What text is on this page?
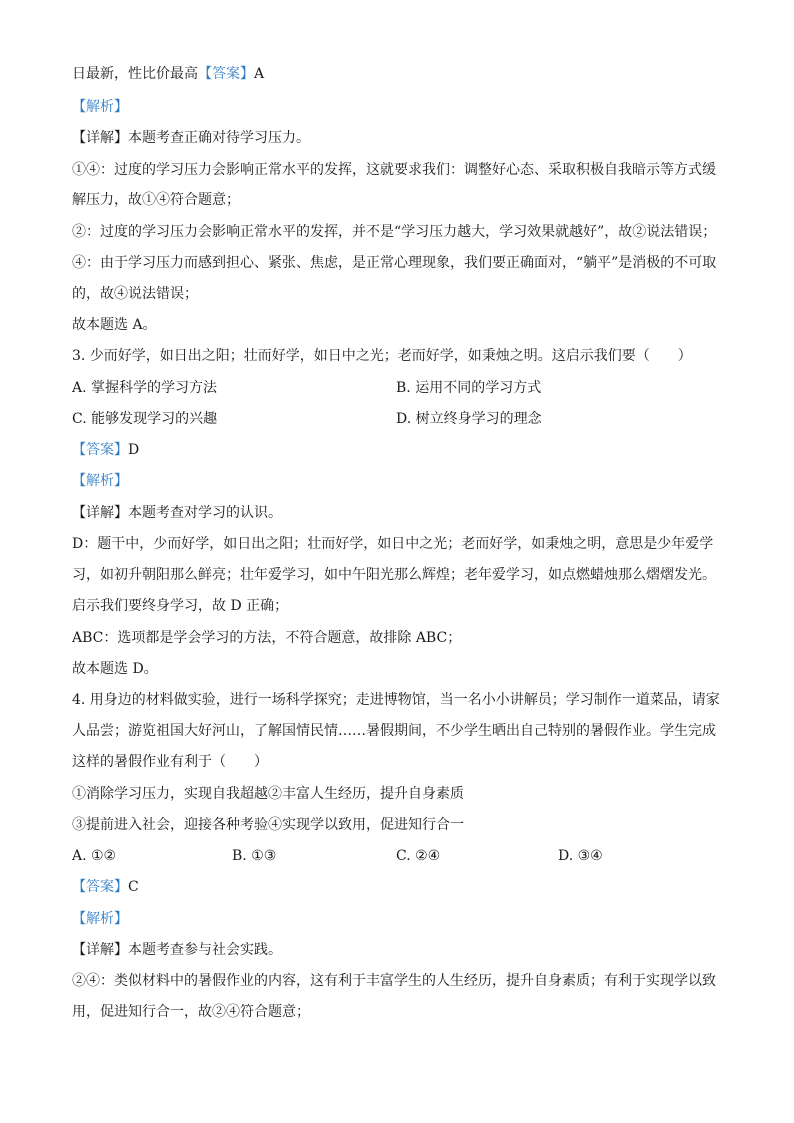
日最新，性比价最高【答案】A
【解析】
【详解】本题考查正确对待学习压力。
①④：过度的学习压力会影响正常水平的发挥，这就要求我们：调整好心态、采取积极自我暗示等方式缓
解压力，故①④符合题意；
②：过度的学习压力会影响正常水平的发挥，并不是“学习压力越大，学习效果就越好”，故②说法错误；
④：由于学习压力而感到担心、紧张、焦虑，是正常心理现象，我们要正确面对，“躺平”是消极的不可取
的，故④说法错误；
故本题选 A。
3. 少而好学，如日出之阳；壮而好学，如日中之光；老而好学，如秉烛之明。这启示我们要（　　）
A. 掌握科学的学习方法	B. 运用不同的学习方式
C. 能够发现学习的兴趣	D. 树立终身学习的理念
【答案】D
【解析】
【详解】本题考查对学习的认识。
D：题干中，少而好学，如日出之阳；壮而好学，如日中之光；老而好学，如秉烛之明，意思是少年爱学
习，如初升朝阳那么鲜亮；壮年爱学习，如中午阳光那么辉煌；老年爱学习，如点燃蜡烛那么熠熠发光。
启示我们要终身学习，故 D 正确；
ABC：选项都是学会学习的方法，不符合题意，故排除 ABC；
故本题选 D。
4. 用身边的材料做实验，进行一场科学探究；走进博物馆，当一名小小讲解员；学习制作一道菜品，请家
人品尝；游览祖国大好河山，了解国情民情……暑假期间，不少学生晒出自己特别的暑假作业。学生完成
这样的暑假作业有利于（　　）
①消除学习压力，实现自我超越②丰富人生经历，提升自身素质
③提前进入社会，迎接各种考验④实现学以致用，促进知行合一
A. ①②	B. ①③	C. ②④	D. ③④
【答案】C
【解析】
【详解】本题考查参与社会实践。
②④：类似材料中的暑假作业的内容，这有利于丰富学生的人生经历，提升自身素质；有利于实现学以致
用，促进知行合一，故②④符合题意；
